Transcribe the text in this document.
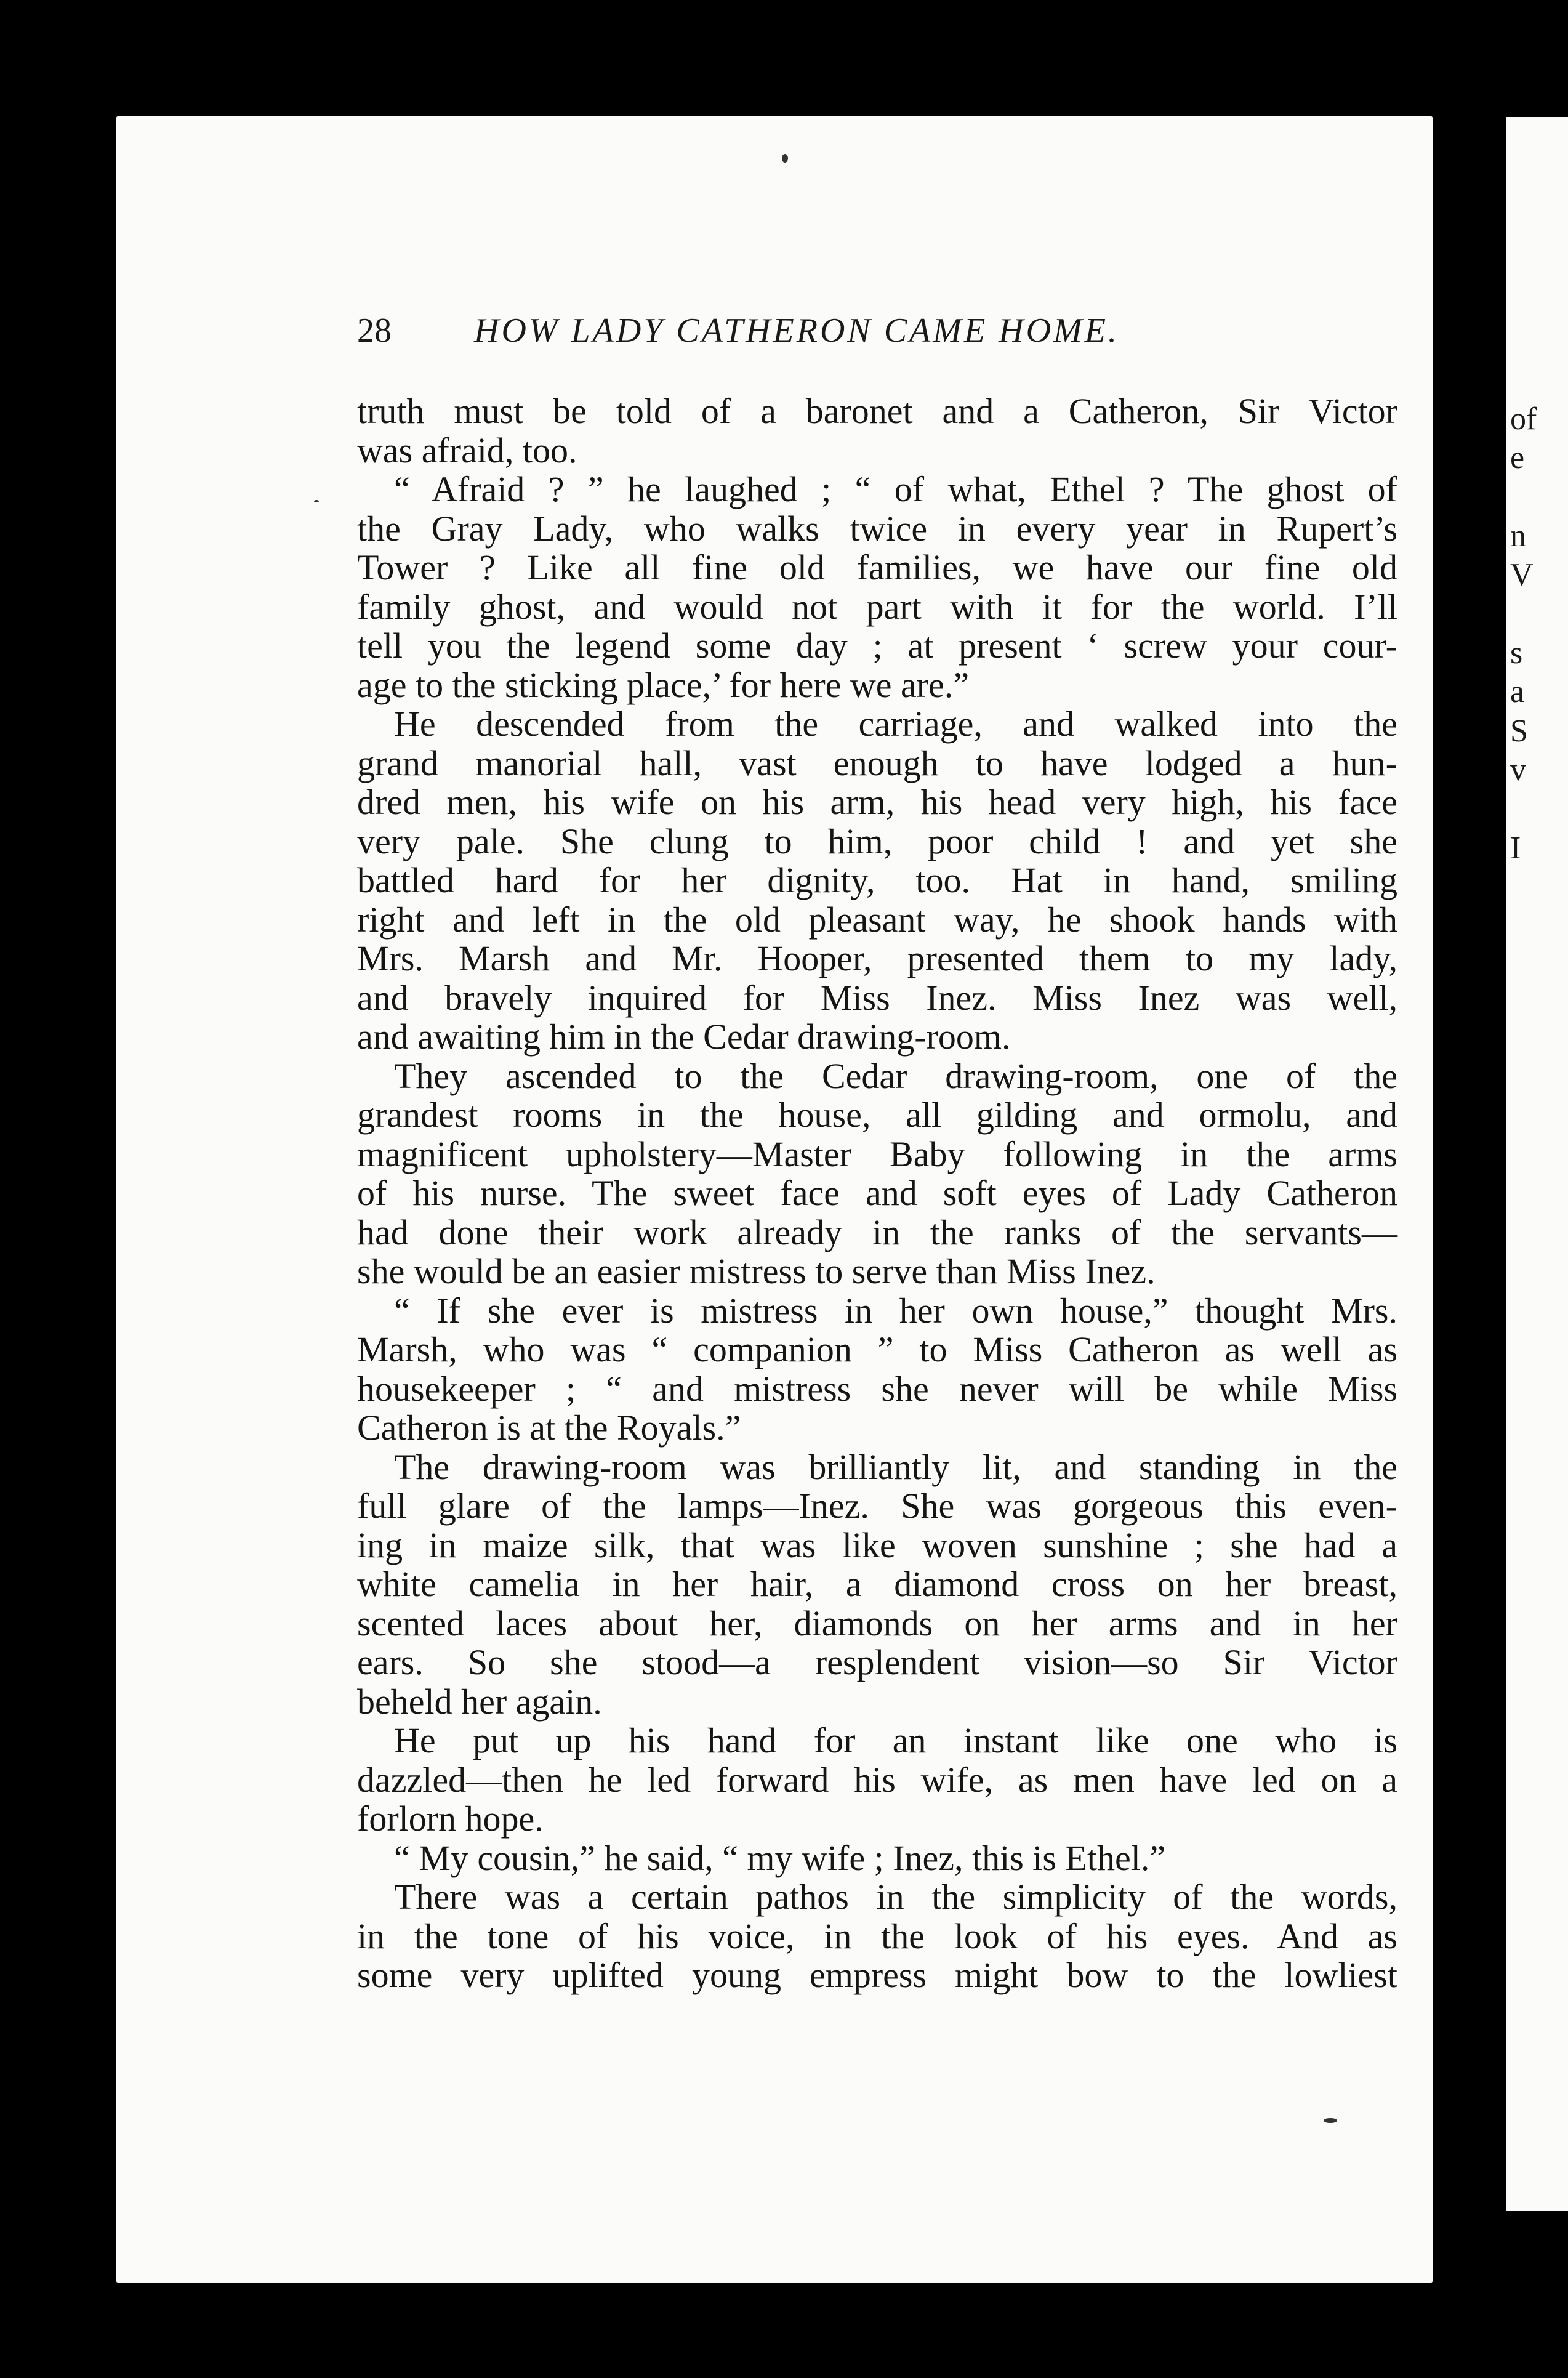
of
e
n
V
s
a
S
v
I
28 HOW LADY CATHERON CAME HOME.
truth must be told of a baronet and a Catheron, Sir Victor
was afraid, too.
“ Afraid ? ” he laughed ; “ of what, Ethel ? The ghost of
the Gray Lady, who walks twice in every year in Rupert’s
Tower ? Like all fine old families, we have our fine old
family ghost, and would not part with it for the world. I’ll
tell you the legend some day ; at present ‘ screw your cour-
age to the sticking place,’ for here we are.”
He descended from the carriage, and walked into the
grand manorial hall, vast enough to have lodged a hun-
dred men, his wife on his arm, his head very high, his face
very pale. She clung to him, poor child ! and yet she
battled hard for her dignity, too. Hat in hand, smiling
right and left in the old pleasant way, he shook hands with
Mrs. Marsh and Mr. Hooper, presented them to my lady,
and bravely inquired for Miss Inez. Miss Inez was well,
and awaiting him in the Cedar drawing-room.
They ascended to the Cedar drawing-room, one of the
grandest rooms in the house, all gilding and ormolu, and
magnificent upholstery—Master Baby following in the arms
of his nurse. The sweet face and soft eyes of Lady Catheron
had done their work already in the ranks of the servants—
she would be an easier mistress to serve than Miss Inez.
“ If she ever is mistress in her own house,” thought Mrs.
Marsh, who was “ companion ” to Miss Catheron as well as
housekeeper ; “ and mistress she never will be while Miss
Catheron is at the Royals.”
The drawing-room was brilliantly lit, and standing in the
full glare of the lamps—Inez. She was gorgeous this even-
ing in maize silk, that was like woven sunshine ; she had a
white camelia in her hair, a diamond cross on her breast,
scented laces about her, diamonds on her arms and in her
ears. So she stood—a resplendent vision—so Sir Victor
beheld her again.
He put up his hand for an instant like one who is
dazzled—then he led forward his wife, as men have led on a
forlorn hope.
“ My cousin,” he said, “ my wife ; Inez, this is Ethel.”
There was a certain pathos in the simplicity of the words,
in the tone of his voice, in the look of his eyes. And as
some very uplifted young empress might bow to the lowliest
